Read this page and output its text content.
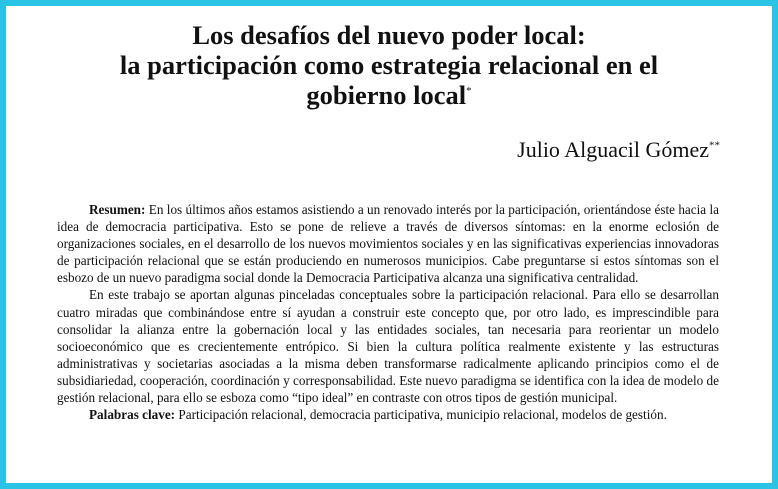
Los desafíos del nuevo poder local:
la participación como estrategia relacional en el
gobierno local*
Julio Alguacil Gómez**

Resumen: En los últimos años estamos asistiendo a un renovado interés por la participación, orientándose éste hacia la idea de democracia participativa. Esto se pone de relieve a través de diversos síntomas: en la enorme eclosión de organizaciones sociales, en el desarrollo de los nuevos movimientos sociales y en las significativas experiencias innovadoras de participación relacional que se están produciendo en numerosos municipios. Cabe preguntarse si estos síntomas son el esbozo de un nuevo paradigma social donde la Democracia Participativa alcanza una significativa centralidad.

En este trabajo se aportan algunas pinceladas conceptuales sobre la participación relacional. Para ello se desarrollan cuatro miradas que combinándose entre sí ayudan a construir este concepto que, por otro lado, es imprescindible para consolidar la alianza entre la gobernación local y las entidades sociales, tan necesaria para reorientar un modelo socioeconómico que es crecientemente entrópico. Si bien la cultura política realmente existente y las estructuras administrativas y societarias asociadas a la misma deben transformarse radicalmente aplicando principios como el de subsidiariedad, cooperación, coordinación y corresponsabilidad. Este nuevo paradigma se identifica con la idea de modelo de gestión relacional, para ello se esboza como “tipo ideal” en contraste con otros tipos de gestión municipal.

Palabras clave: Participación relacional, democracia participativa, municipio relacional, modelos de gestión.
